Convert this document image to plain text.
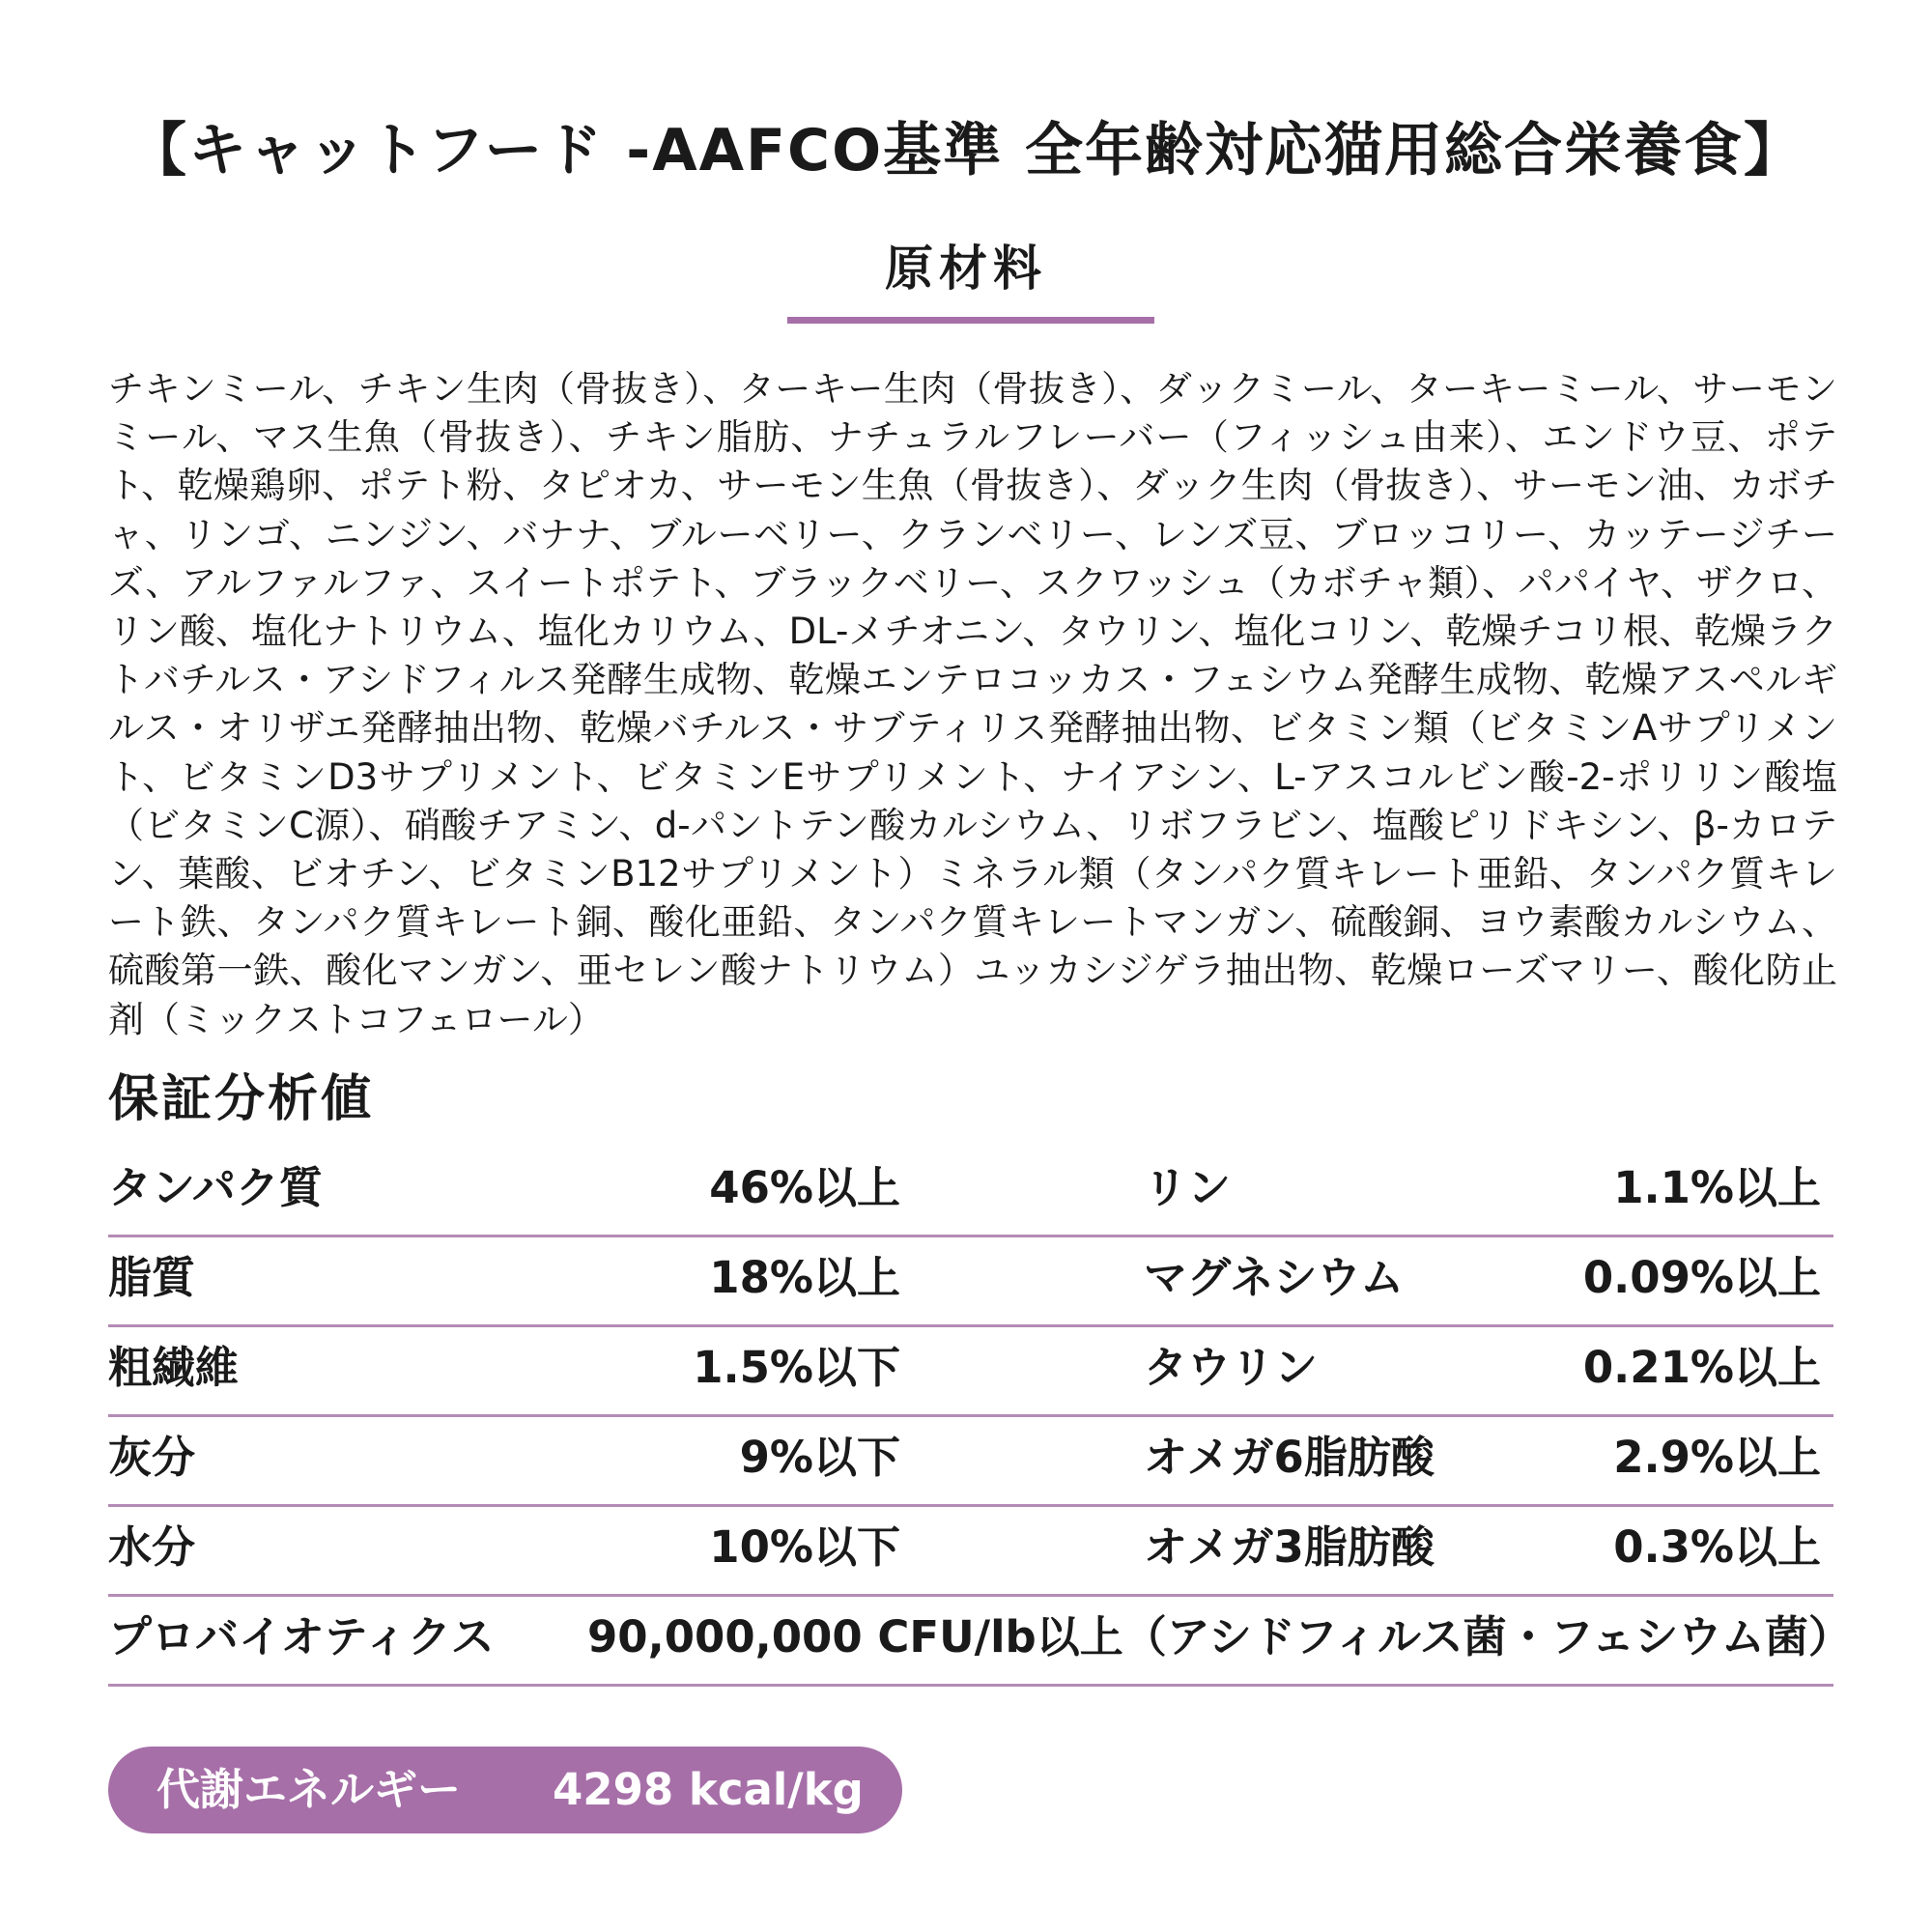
【キャットフード -AAFCO基準 全年齢対応猫用総合栄養食】
原材料
チキンミール、チキン生肉（骨抜き）、ターキー生肉（骨抜き）、ダックミール、ターキーミール、サーモンミール、マス生魚（骨抜き）、チキン脂肪、ナチュラルフレーバー（フィッシュ由来）、エンドウ豆、ポテト、乾燥鶏卵、ポテト粉、タピオカ、サーモン生魚（骨抜き）、ダック生肉（骨抜き）、サーモン油、カボチャ、リンゴ、ニンジン、バナナ、ブルーベリー、クランベリー、レンズ豆、ブロッコリー、カッテージチーズ、アルファルファ、スイートポテト、ブラックベリー、スクワッシュ（カボチャ類）、パパイヤ、ザクロ、リン酸、塩化ナトリウム、塩化カリウム、DL-メチオニン、タウリン、塩化コリン、乾燥チコリ根、乾燥ラクトバチルス・アシドフィルス発酵生成物、乾燥エンテロコッカス・フェシウム発酵生成物、乾燥アスペルギルス・オリザエ発酵抽出物、乾燥バチルス・サブティリス発酵抽出物、ビタミン類（ビタミンAサプリメント、ビタミンD3サプリメント、ビタミンEサプリメント、ナイアシン、L-アスコルビン酸-2-ポリリン酸塩（ビタミンC源）、硝酸チアミン、d-パントテン酸カルシウム、リボフラビン、塩酸ピリドキシン、β-カロテン、葉酸、ビオチン、ビタミンB12サプリメント）ミネラル類（タンパク質キレート亜鉛、タンパク質キレート鉄、タンパク質キレート銅、酸化亜鉛、タンパク質キレートマンガン、硫酸銅、ヨウ素酸カルシウム、硫酸第一鉄、酸化マンガン、亜セレン酸ナトリウム）ユッカシジゲラ抽出物、乾燥ローズマリー、酸化防止剤（ミックストコフェロール）
保証分析値
タンパク質	46%以上	リン	1.1%以上
脂質	18%以上	マグネシウム	0.09%以上
粗繊維	1.5%以下	タウリン	0.21%以上
灰分	9%以下	オメガ6脂肪酸	2.9%以上
水分	10%以下	オメガ3脂肪酸	0.3%以上
プロバイオティクス 90,000,000 CFU/lb以上（アシドフィルス菌・フェシウム菌）
代謝エネルギー 4298 kcal/kg
